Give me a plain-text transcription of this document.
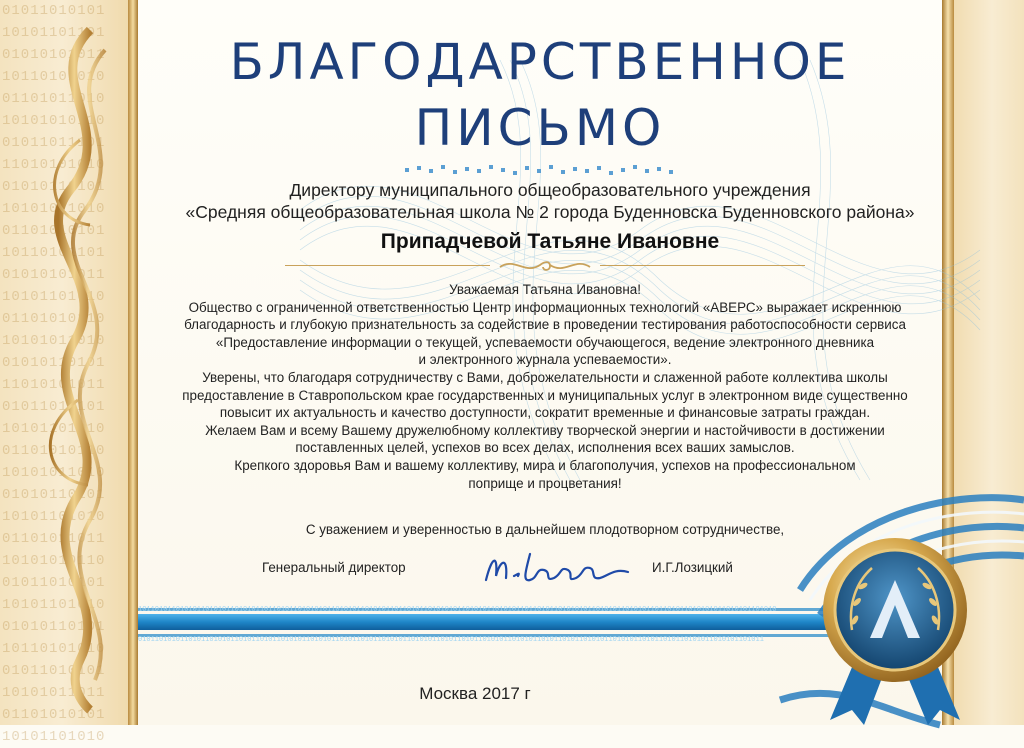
01011010101
10101101101
01010101011
10110101010
01101011010
10101010110
01011011101
11010101010
01010110101
10101011010
01101010101
10110101101
01010101011
10101101010
01101010110
10101011010
01010110101
11010101011
01011010101
10101101010
01101010110
10101011010
01010110101
10101101010
01101011011
10101010110
01011010101
10101101010
01010110101
10110101010
01011010101
10101011011
01101010101
10101101010
БЛАГОДАРСТВЕННОЕ
ПИСЬМО

Директору муниципального общеобразовательного учреждения

«Средняя общеобразовательная школа № 2 города Буденновска Буденновского района»

Припадчевой Татьяне Ивановне

Уважаемая Татьяна Ивановна!

Общество с ограниченной ответственностью Центр информационных технологий «АВЕРС» выражает искреннюю

благодарность и глубокую признательность за содействие в проведении тестирования работоспособности сервиса

«Предоставление информации о текущей, успеваемости обучающегося, ведение электронного дневника

и электронного журнала успеваемости».

Уверены, что благодаря сотрудничеству с Вами, доброжелательности и слаженной работе коллектива школы

предоставление в Ставропольском крае государственных и муниципальных услуг в электронном виде существенно

повысит их актуальность и качество доступности, сократит временные и финансовые затраты граждан.

Желаем Вам и всему Вашему дружелюбному коллективу творческой энергии и настойчивости в достижении

поставленных целей, успехов во всех делах, исполнения всех ваших замыслов.

Крепкого здоровья Вам и вашему коллективу, мира и благополучия, успехов на профессиональном

поприще и процветания!

С уважением и уверенностью в дальнейшем плодотворном сотрудничестве,

Генеральный директор	И.Г.Лозицкий

10110101101010110101011010101101101011010101011010101101010110110101101010101101010110101011011010110101010110101011010101101101011010101011010101101010
01011010101101011010101101011010110101011010101101011010110101011010101101011010110101011010101101011010110101011010101101011010110101011010101101011

Москва 2017 г
